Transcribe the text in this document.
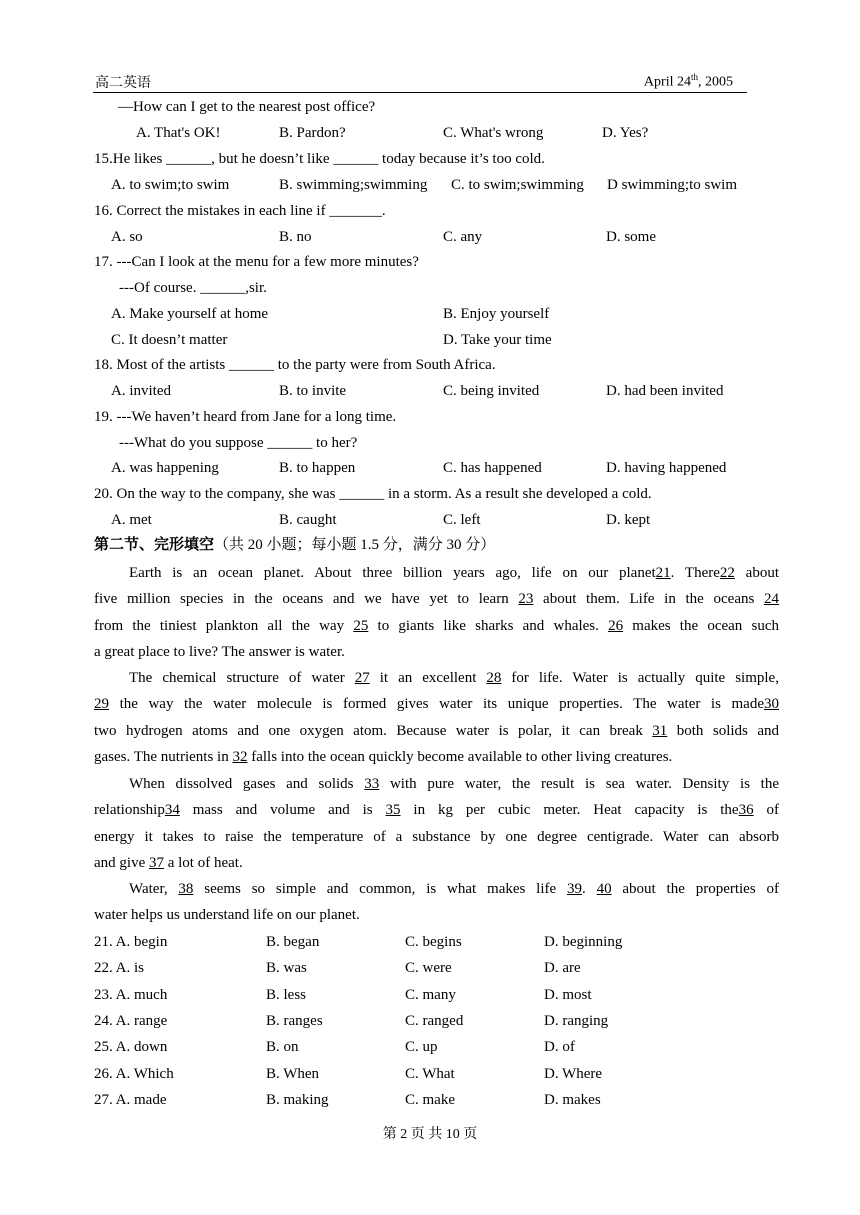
高二英语	April 24th, 2005
—How can I get to the nearest post office?
A. That's OK!	B. Pardon?	C. What's wrong	D. Yes?
15.He likes ______, but he doesn’t like ______ today because it’s too cold.
A. to swim;to swim	B. swimming;swimming C. to swim;swimming D swimming;to swim
16. Correct the mistakes in each line if _______.
A. so	B. no	C. any	D. some
17. ---Can I look at the menu for a few more minutes?
---Of course. ______,sir.
A. Make yourself at home	B. Enjoy yourself
C. It doesn’t matter	D. Take your time
18. Most of the artists ______ to the party were from South Africa.
A. invited	B. to invite	C. being invited	D. had been invited
19. ---We haven’t heard from Jane for a long time.
---What do you suppose ______ to her?
A. was happening	B. to happen	C. has happened	D. having happened
20. On the way to the company, she was ______ in a storm. As a result she developed a cold.
A. met	B. caught	C. left	D. kept
第二节、完形填空（共 20 小题；每小题 1.5 分，满分 30 分）
Earth is an ocean planet. About three billion years ago, life on our planet21. There22 about
five million species in the oceans and we have yet to learn 23 about them. Life in the oceans 24
from the tiniest plankton all the way 25 to giants like sharks and whales. 26 makes the ocean such
a great place to live? The answer is water.
The chemical structure of water 27 it an excellent 28 for life. Water is actually quite simple,
29 the way the water molecule is formed gives water its unique properties. The water is made30
two hydrogen atoms and one oxygen atom. Because water is polar, it can break 31 both solids and
gases. The nutrients in 32 falls into the ocean quickly become available to other living creatures.
When dissolved gases and solids 33 with pure water, the result is sea water. Density is the
relationship34 mass and volume and is 35 in kg per cubic meter. Heat capacity is the36 of
energy it takes to raise the temperature of a substance by one degree centigrade. Water can absorb
and give 37 a lot of heat.
Water, 38 seems so simple and common, is what makes life 39. 40 about the properties of
water helps us understand life on our planet.
21. A. begin	B. began	C. begins	D. beginning
22. A. is	B. was	C. were	D. are
23. A. much	B. less	C. many	D. most
24. A. range	B. ranges	C. ranged	D. ranging
25. A. down	B. on	C. up	D. of
26. A. Which	B. When	C. What	D. Where
27. A. made	B. making	C. make	D. makes
第 2 页 共 10 页
